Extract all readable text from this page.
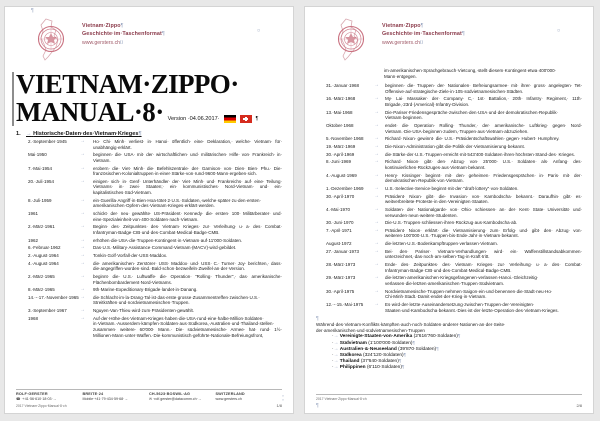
¶
Vietnam·Zippo¶
Geschichte·im·Taschenformat¶
www.gersters.ch⌷
¤
VIETNAM·ZIPPO·
MANUAL·8· Version ·04.06.2017·	¶
1. → Historische·Daten·des·Vietnam·Krieges¶
2.·September·1945	→	Ho· Chi· Minh· verliest· in· Hanoi· öffentlich· eine· Deklaration,· welche· Vietnam· für· unabhängig·erklärt.
Mai·1950	→	beginnen· die· USA· mit· der· wirtschaftlichen· und· militärischen· Hilfe· von· Frankreich· in· Vietnam.
7.·Mai·1954	→	erobern· die· Viet· Minh· die· Befehlszentrale· der· Garnison· von· Dien· Bien· Phu.· Die· französischen·Kolonialtruppen·in·einer·Stärke·von·rund·9600·Mann·ergeben·sich.
20.·Juli·1954	→	einigen· sich· in· Genf· Unterhändler· der· Viet· Minh· und· Frankreichs· auf· eine· Teilung· Vietnams· in· zwei· Staaten;· ein· kommunistisches· Nord-Vietnam· und· ein· kapitalistisches·Süd-Vietnam.
8.·Juli·1959	→	ein·Guerilla·Angriff·in·Bien·Hoa·tötet·2·U.S.·Soldaten,·welche·später·zu·den·ersten· amerikanischen·Opfern·des·Vietnam·Krieges·erklärt·werden.
1961	→	schickt· der· neu· gewählte· US-Präsident· Kennedy· die· ersten· 100· Militärberater· und· eine·Spezialeinheit·von·400·Soldaten·nach·Vietnam.
2.·März·1961	→	Beginn· des· Zeitpunktes· des· Vietnam· Krieges· zur· Verleihung· u· a· des· Combat· Infantryman·Badge·CIB·und·des·Combat·Medical·Badge·CMB.
1962	→	erhöhen·die·USA·die·Truppen-Kontingent·in·Vietnam·auf·11'000·Soldaten.
6.·Februar·1962	→	Das·U.S.·Military·Assistance·Command·Vietnam·(MACV)·wird·gebildet.
2.·August·1964	→	Tonkin·Golf·Vorfall·der·USS·Maddox.
4.·August·1964	→	die· amerikanischen· Zerstörer· USS· Maddox· und· USS· C.· Turner· Joy· berichten,· dass· die·angegriffen·worden·sind.·Bald·schon·bezweifeln·Zweifel·an·der·Version.
2.·März·1965	→	beginnt· die· U.S.· Luftwaffe· die· Operation· "Rolling· Thunder",· das· amerikanische· Flächenbombardement·Nord-Vietnams.
8.·März·1965	→	9th·Marine·Expeditionary·Brigade·landet·in·Danang.
14.·-·17.·November·1965 →	die·Schlacht·im·la·Drang·Tal·ist·das·erste·grosse·Zusammentreffen·zwischen·U.S.· Streitkräften·und·nordvietnamesischen·Truppen.
3.·September·1967	→	Nguyen·Van·Thieu·wird·zum·Präsidenten·gewählt.
1968	→	Auf·der·Höhe·des·Vietnam-Krieges·haben·die·USA·rund·eine·halbe·Million·Soldaten· in·Vietnam.·Ausserdem·kämpfen·Soldaten·aus·Südkorea,·Australien·und·Thailand·stellen· zusammen· weitere· 60'000· Mann.· Die· südvietnamesische· Armee· hat· rund· 1½· Millionen·Mann·unter·Waffen.·Die·kommunistisch·geführte·Nationale·Befreiungsfront,
ROLF·GERSTER
☎ ·+41·56·610·18·03·→
BREITE·24
Mobile·+41·79·434·59·68·→
CH-5623·BOSWIL·AG
✉ ·rolf.gerster@datacomm.ch·→
SWITZERLAND
www.gersters.ch
2017·Vietnam·Zippo·Manual·8·ch
¤
¤
1/8
Vietnam·Zippo¶
Geschichte·im·Taschenformat¶
www.gersters.ch⌷
¤
im·amerikanischen·Sprachgebrauch·Vietcong,·stellt·diesem·Kontingent·etwa·400'000· Mann·entgegen.
31.·Januar·1968	→	beginnen· die· Truppen· der· Nationalen· Befreiungsarmee· mit· ihrer· gross· angelegten· Tet-Offensive·auf·strategische·Ziele·in·105·südvietnamesischen·Städten.
16.·März·1968	→	My· Lai· Massaker· der· Company· C,· 1st· Battalion,· 20th· Infantry· Regiment,· 11th· Brigade,·23rd·(Americal)·Infantry·Division.
13.·Mai·1968	→	Die·Pariser·Friedensgespräche·zwischen·den·USA·und·der·demokratischen·Republik· Vietnam·beginnen.
Oktober·1968	→	endet· die· Operation· Rolling· Thunder,· der· amerikanische· Luftkrieg· gegen· Nord-Vietnam.·Die·USA·beginnen·zudem,·Truppen·aus·Vietnam·abzuziehen.
5.·November·1968	→	Richard· Nixon· gewinnt· die· U.S.· Präsidentschaftswahlen· gegen· Hubert· Humphrey.
19.·März·1969	→	Die·Nixon·Administration·gibt·die·Politik·der·Vietnamisierung·bekannt.
30.·April·1969	→	die·Stärke·der·U.S.·Truppen·erreicht·mit·543'400·Soldaten·ihren·höchsten·Stand·des· Krieges.
8.·Juni·1969	→	Richard· Nixon· gibt· den· Abzug· von· 25'000· U.S.· Soldaten· als· Anfang· des· kontinuierlichen·Rückzuges·aus·Vietnam·bekannt.
4.·August·1969	→	Henry· Kissinger· beginnt· mit· den· geheimen· Friedensgesprächen· in· Paris· mit· der· demokratischen·Republik·von·Vietnam.
1.·Dezember·1969	→	U.S.·Selective·Service·beginnt·mit·der·"draft·lottery"·von·Soldaten.
30.·April·1970	→	Präsident· Nixon· gibt· die· Invasion· von· Kambodscha· bekannt.· Daraufhin· gibt· es· weitverbreitete·Proteste·in·den·Vereinigten·Staaten.
4.·Mai·1970	→	Soldaten· der· Nationalgarde· von· Ohio· schiessen· an· der· Kent· State· Universität· und· verwunden·neun·weitere·Studenten.
30.·Juni·1970	→	Die·U.S.·Truppen·schliessen·ihren·Rückzug·aus·Kambodscha·ab.
7.·April·1971	→	Präsident· Nixon· erklärt· die· Vietnamisierung· zum· Erfolg· und· gibt· den· Abzug· von· weiteren·100'000·U.S.·Truppen·bis·Ende·Jahr·in·Vietnam·bekannt.
August·1972	→	die·letzten·U.S.·Bodenkampftruppen·verlassen·Vietnam.
27.·Januar·1973	→	Bei· den· Pariser· Vietnam-Verhandlungen· wird· ein· Waffenstillstandsabkommen· unterzeichnet,·das·noch·am·selben·Tag·in·Kraft·tritt.
28.·März·1973	→	Ende· des· Zeitpunktes· des· Vietnam· Krieges· zur· Verleihung· u· a· des· Combat· Infantryman·Badge·CIB·und·des·Combat·Medical·Badge·CMB.
29.·März·1973	→	die·letzten·amerikanischen·Kriegsgefangenen·verlassen·Hanoi.·Gleichzeitig· verlassen·die·letzten·amerikanischen·Truppen·Südvietnam.
30.·April·1975	→	Nordvietnamesische·Truppen·nehmen·Saigon·ein·und·benennen·die·Stadt·neu·Ho· Chi·Minh·Stadt.·Damit·endet·der·Krieg·in·Vietnam.
12.·-·15.·Mai·1975	→	Es·wird·der·letzte·Auseinandersetzung·zwischen·Truppen·der·Vereinigten· Staaten·und·Kambodscha·bekannt.·Dies·ist·der·letzte·Operation·des·Vietnam·Krieges.
¶
Während·des·Vietnam·Konflikts·kämpften·auch·noch·Soldaten·anderer·Nationen·an·der·Seite· der·amerikanischen·und·südvietnamesischen·Truppen
·→ Vereinigte·Staaten·von·Amerika (2'616'760·Soldaten)¶
·→ Südvietnam (1'100'000·Soldaten)¶
·→ Australien·&·Neuseeland (39'870·Soldaten)¶
·→ Südkorea (324'120·Soldaten)¶
·→ Thailand (37'640·Soldaten)¶
·→ Philippinen (6'110·Soldaten)¶
2017·Vietnam·Zippo·Manual·8·ch
¶	2/8
